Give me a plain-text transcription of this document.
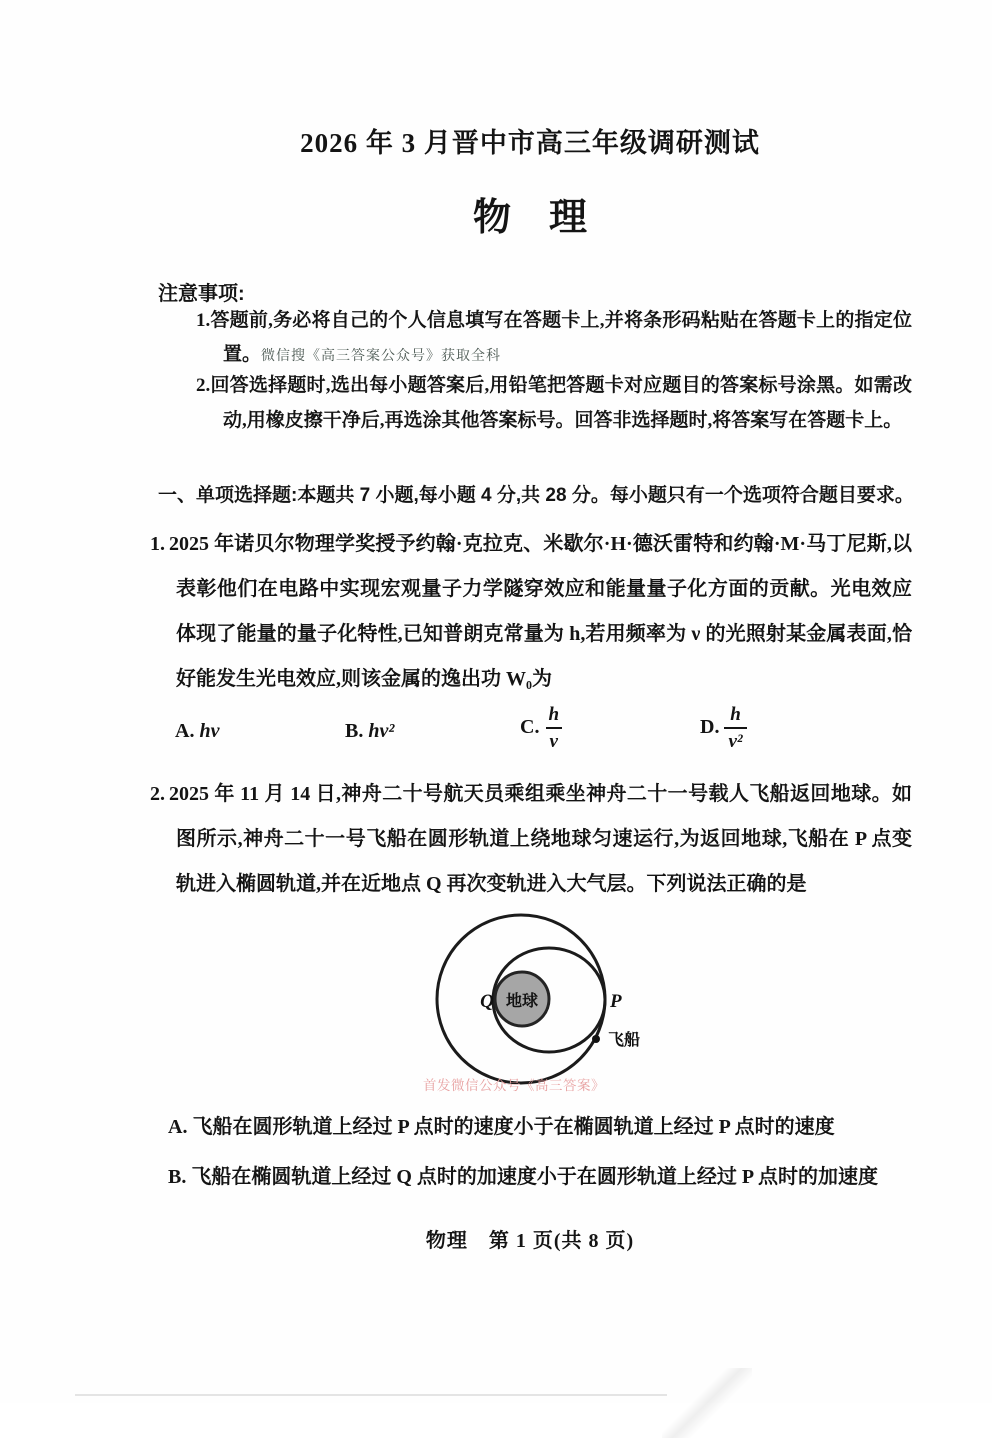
2026 年 3 月晋中市高三年级调研测试
物　理
注意事项:
1.答题前,务必将自己的个人信息填写在答题卡上,并将条形码粘贴在答题卡上的指定位置。微信搜《高三答案公众号》获取全科
2.回答选择题时,选出每小题答案后,用铅笔把答题卡对应题目的答案标号涂黑。如需改动,用橡皮擦干净后,再选涂其他答案标号。回答非选择题时,将答案写在答题卡上。
一、单项选择题:本题共 7 小题,每小题 4 分,共 28 分。每小题只有一个选项符合题目要求。
1. 2025 年诺贝尔物理学奖授予约翰·克拉克、米歇尔·H·德沃雷特和约翰·M·马丁尼斯,以表彰他们在电路中实现宏观量子力学隧穿效应和能量量子化方面的贡献。光电效应体现了能量的量子化特性,已知普朗克常量为 h,若用频率为 ν 的光照射某金属表面,恰好能发生光电效应,则该金属的逸出功 W₀为
A. hν	B. hν²	C. $\frac{h}{\nu}$	D. $\frac{h}{\text{ν²}}$
2. 2025 年 11 月 14 日,神舟二十号航天员乘组乘坐神舟二十一号载人飞船返回地球。如图所示,神舟二十一号飞船在圆形轨道上绕地球匀速运行,为返回地球,飞船在 P 点变轨进入椭圆轨道,并在近地点 Q 再次变轨进入大气层。下列说法正确的是
地球
Q	P
飞船
首发微信公众号《高三答案》
A. 飞船在圆形轨道上经过 P 点时的速度小于在椭圆轨道上经过 P 点时的速度
B. 飞船在椭圆轨道上经过 Q 点时的加速度小于在圆形轨道上经过 P 点时的加速度
物理　第 1 页(共 8 页)
